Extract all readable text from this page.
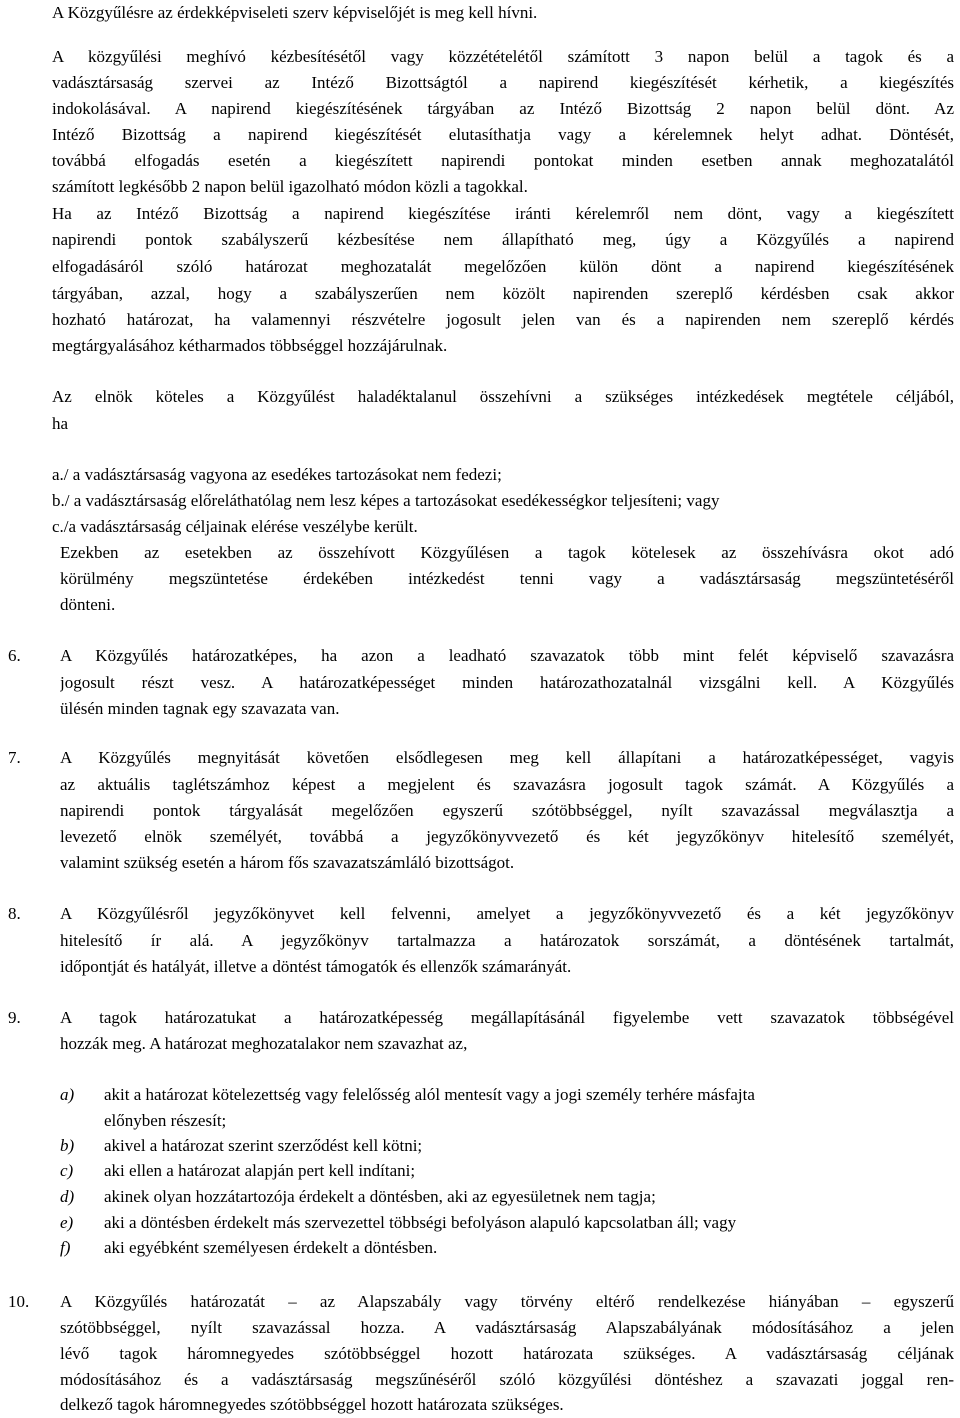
A Közgyűlésre az érdekképviseleti szerv képviselőjét is meg kell hívni.
A közgyűlési meghívó kézbesítésétől vagy közzétételétől számított 3 napon belül a tagok és a
vadásztársaság szervei az Intéző Bizottságtól a napirend kiegészítését kérhetik, a kiegészítés
indokolásával. A napirend kiegészítésének tárgyában az Intéző Bizottság 2 napon belül dönt. Az
Intéző Bizottság a napirend kiegészítését elutasíthatja vagy a kérelemnek helyt adhat. Döntését,
továbbá elfogadás esetén a kiegészített napirendi pontokat minden esetben annak meghozatalától
számított legkésőbb 2 napon belül igazolható módon közli a tagokkal.
Ha az Intéző Bizottság a napirend kiegészítése iránti kérelemről nem dönt, vagy a kiegészített
napirendi pontok szabályszerű kézbesítése nem állapítható meg, úgy a Közgyűlés a napirend
elfogadásáról szóló határozat meghozatalát megelőzően külön dönt a napirend kiegészítésének
tárgyában, azzal, hogy a szabályszerűen nem közölt napirenden szereplő kérdésben csak akkor
hozható határozat, ha valamennyi részvételre jogosult jelen van és a napirenden nem szereplő kérdés
megtárgyalásához kétharmados többséggel hozzájárulnak.
Az elnök köteles a Közgyűlést haladéktalanul összehívni a szükséges intézkedések megtétele céljából,
ha
a./ a vadásztársaság vagyona az esedékes tartozásokat nem fedezi;
b./ a vadásztársaság előreláthatólag nem lesz képes a tartozásokat esedékességkor teljesíteni; vagy
c./a vadásztársaság céljainak elérése veszélybe került.
Ezekben az esetekben az összehívott Közgyűlésen a tagok kötelesek az összehívásra okot adó
körülmény megszüntetése érdekében intézkedést tenni vagy a vadásztársaság megszüntetéséről
dönteni.
6. A Közgyűlés határozatképes, ha azon a leadható szavazatok több mint felét képviselő szavazásra
jogosult részt vesz. A határozatképességet minden határozathozatalnál vizsgálni kell. A Közgyűlés
ülésén minden tagnak egy szavazata van.
7. A Közgyűlés megnyitását követően elsődlegesen meg kell állapítani a határozatképességet, vagyis
az aktuális taglétszámhoz képest a megjelent és szavazásra jogosult tagok számát. A Közgyűlés a
napirendi pontok tárgyalását megelőzően egyszerű szótöbbséggel, nyílt szavazással megválasztja a
levezető elnök személyét, továbbá a jegyzőkönyvvezető és két jegyzőkönyv hitelesítő személyét,
valamint szükség esetén a három fős szavazatszámláló bizottságot.
8. A Közgyűlésről jegyzőkönyvet kell felvenni, amelyet a jegyzőkönyvvezető és a két jegyzőkönyv
hitelesítő ír alá. A jegyzőkönyv tartalmazza a határozatok sorszámát, a döntésének tartalmát,
időpontját és hatályát, illetve a döntést támogatók és ellenzők számarányát.
9. A tagok határozatukat a határozatképesség megállapításánál figyelembe vett szavazatok többségével
hozzák meg. A határozat meghozatalakor nem szavazhat az,
a) akit a határozat kötelezettség vagy felelősség alól mentesít vagy a jogi személy terhére másfajta
előnyben részesít;
b) akivel a határozat szerint szerződést kell kötni;
c) aki ellen a határozat alapján pert kell indítani;
d) akinek olyan hozzátartozója érdekelt a döntésben, aki az egyesületnek nem tagja;
e) aki a döntésben érdekelt más szervezettel többségi befolyáson alapuló kapcsolatban áll; vagy
f) aki egyébként személyesen érdekelt a döntésben.
10. A Közgyűlés határozatát – az Alapszabály vagy törvény eltérő rendelkezése hiányában – egyszerű
szótöbbséggel, nyílt szavazással hozza. A vadásztársaság Alapszabályának módosításához a jelen
lévő tagok háromnegyedes szótöbbséggel hozott határozata szükséges. A vadásztársaság céljának
módosításához és a vadásztársaság megszűnéséről szóló közgyűlési döntéshez a szavazati joggal ren-
delkező tagok háromnegyedes szótöbbséggel hozott határozata szükséges.
